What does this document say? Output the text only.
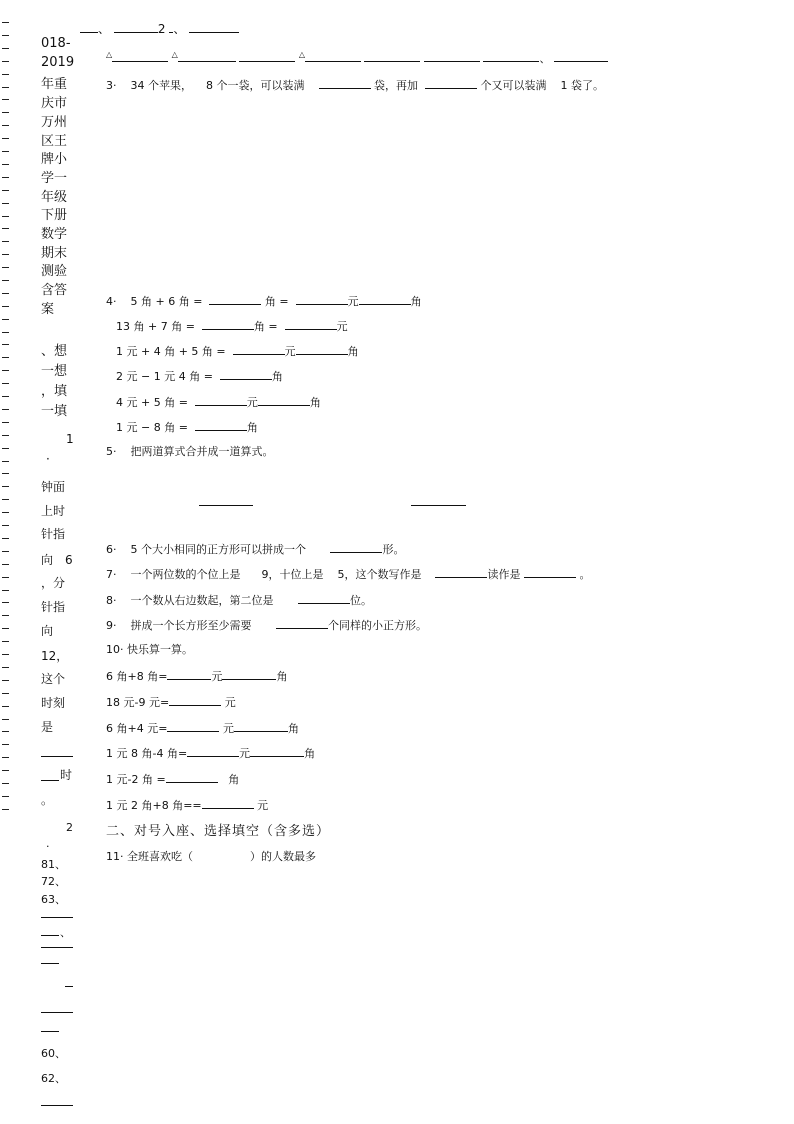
018-
2019
年重
庆市
万州
区王
牌小
学一
年级
下册
数学
期末
测验
含答
案
、想
一想
，填
一填
1
·
钟面
上时
针指
向　6
，分
针指
向
12，
这个
时刻
是
时
。
2
·
81、
72、
63、
、
60、
62、
、	2 、
△	△	△	、
3· 34 个苹果， 8 个一袋，可以装满	袋，再加	个又可以装满 1 袋了。
4· 5 角 + 6 角 =	角 =	元	角
13 角 + 7 角 =	角 =	元
1 元 + 4 角 + 5 角 =	元	角
2 元 − 1 元 4 角 =	角
4 元 + 5 角 =	元	角
1 元 − 8 角 =	角
5· 把两道算式合并成一道算式。
6· 5 个大小相同的正方形可以拼成一个	形。
7· 一个两位数的个位上是 9，十位上是 5，这个数写作是	读作是	。
8· 一个数从右边数起，第二位是	位。
9· 拼成一个长方形至少需要	个同样的小正方形。
10· 快乐算一算。
6 角+8 角=	元	角
18 元-9 元=	元
6 角+4 元=	元	角
1 元 8 角-4 角=	元	角
1 元-2 角 =	角
1 元 2 角+8 角==	元
二、对号入座、选择填空（含多选）
11· 全班喜欢吃（	）的人数最多
